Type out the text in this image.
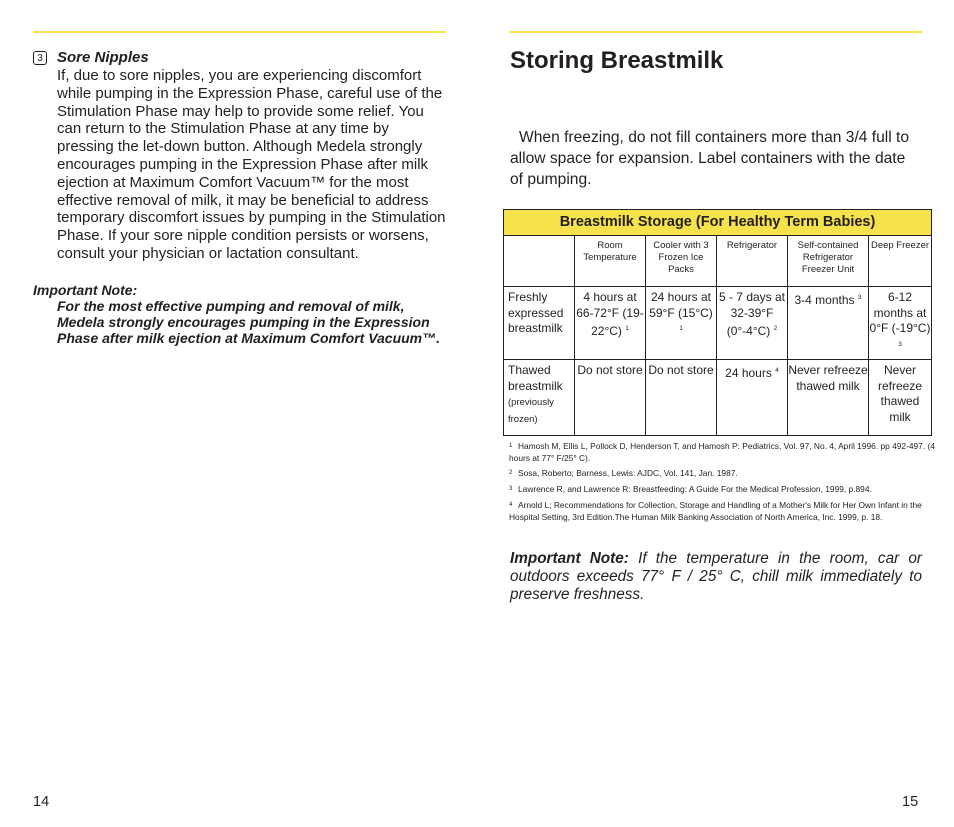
3 Sore Nipples
If, due to sore nipples, you are experiencing discomfort while pumping in the Expression Phase, careful use of the Stimulation Phase may help to provide some relief. You can return to the Stimulation Phase at any time by pressing the let-down button. Although Medela strongly encourages pumping in the Expression Phase after milk ejection at Maximum Comfort Vacuum™ for the most effective removal of milk, it may be beneficial to address temporary discomfort issues by pumping in the Stimulation Phase. If your sore nipple condition persists or worsens, consult your physician or lactation consultant.
Important Note:
For the most effective pumping and removal of milk, Medela strongly encourages pumping in the Expression Phase after milk ejection at Maximum Comfort Vacuum™.
Storing Breastmilk
When freezing, do not fill containers more than 3/4 full to allow space for expansion. Label containers with the date of pumping.
Breastmilk Storage (For Healthy Term Babies)					
	Room Temperature	Cooler with 3 Frozen Ice Packs	Refrigerator	Self-contained Refrigerator Freezer Unit	Deep Freezer
Freshly expressed breastmilk	4 hours at 66-72°F (19-22°C) $^1$	24 hours at 59°F (15°C) $^1$	5 - 7 days at 32-39°F (0°-4°C) $^2$	3-4 months $^3$	6-12 months at 0°F (-19°C) $^3$
Thawed breastmilk
(previously frozen)	Do not store	Do not store	24 hours $^4$	Never refreeze thawed milk	Never refreeze thawed milk
1 Hamosh M, Ellis L, Pollock D, Henderson T, and Hamosh P: Pediatrics, Vol. 97, No. 4, April 1996. pp 492-497. (4 hours at 77° F/25° C).
2 Sosa, Roberto; Barness, Lewis: AJDC, Vol. 141, Jan. 1987.
3 Lawrence R, and Lawrence R: Breastfeeding: A Guide For the Medical Profession, 1999, p.894.
4 Arnold L; Recommendations for Collection, Storage and Handling of a Mother's Milk for Her Own Infant in the Hospital Setting, 3rd Edition.The Human Milk Banking Association of North America, Inc. 1999, p. 18.
Important Note: If the temperature in the room, car or outdoors exceeds 77° F / 25° C, chill milk immediately to preserve freshness.
14	15
